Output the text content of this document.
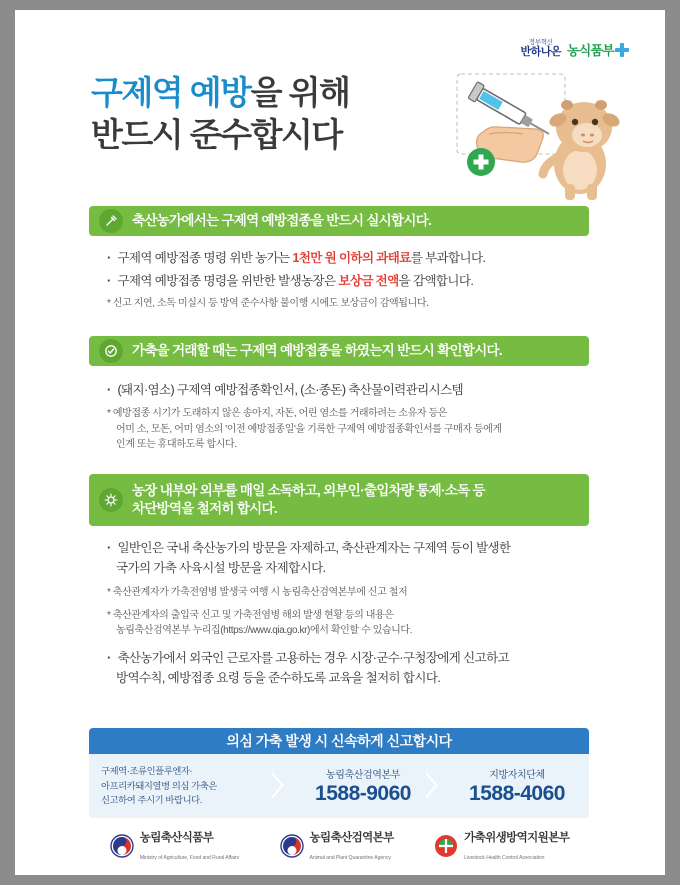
정부혁신
반하나온 농식품부
구제역 예방을 위해
반드시 준수합시다
축산농가에서는 구제역 예방접종을 반드시 실시합시다.
· 구제역 예방접종 명령 위반 농가는 1천만 원 이하의 과태료를 부과합니다.
· 구제역 예방접종 명령을 위반한 발생농장은 보상금 전액을 감액합니다.
* 신고 지연, 소독 미실시 등 방역 준수사항 불이행 시에도 보상금이 감액됩니다.
가축을 거래할 때는 구제역 예방접종을 하였는지 반드시 확인합시다.
· (돼지·염소) 구제역 예방접종확인서, (소·종돈) 축산물이력관리시스템
* 예방접종 시기가 도래하지 않은 송아지, 자돈, 어린 염소를 거래하려는 소유자 등은
어미 소, 모돈, 어미 염소의 '이전 예방접종일'을 기록한 구제역 예방접종확인서를 구매자 등에게
인계 또는 휴대하도록 합시다.
농장 내부와 외부를 매일 소독하고, 외부인·출입차량 통제·소독 등
차단방역을 철저히 합시다.
· 일반인은 국내 축산농가의 방문을 자제하고, 축산관계자는 구제역 등이 발생한
국가의 가축 사육시설 방문을 자제합시다.
* 축산관계자가 가축전염병 발생국 여행 시 농림축산검역본부에 신고 철저
* 축산관계자의 출입국 신고 및 가축전염병 해외 발생 현황 등의 내용은
농림축산검역본부 누리집(https://www.qia.go.kr)에서 확인할 수 있습니다.
· 축산농가에서 외국인 근로자를 고용하는 경우 시장·군수·구청장에게 신고하고
방역수칙, 예방접종 요령 등을 준수하도록 교육을 철저히 합시다.
의심 가축 발생 시 신속하게 신고합시다
구제역·조류인플루엔자·
아프리카돼지열병 의심 가축은
신고하여 주시기 바랍니다.	〉	농림축산검역본부
1588-9060 〉	지방자치단체
1588-4060
농림축산식품부
Ministry of Agriculture, Food and Rural Affairs
농림축산검역본부
Animal and Plant Quarantine Agency
가축위생방역지원본부
Livestock Health Control Association
